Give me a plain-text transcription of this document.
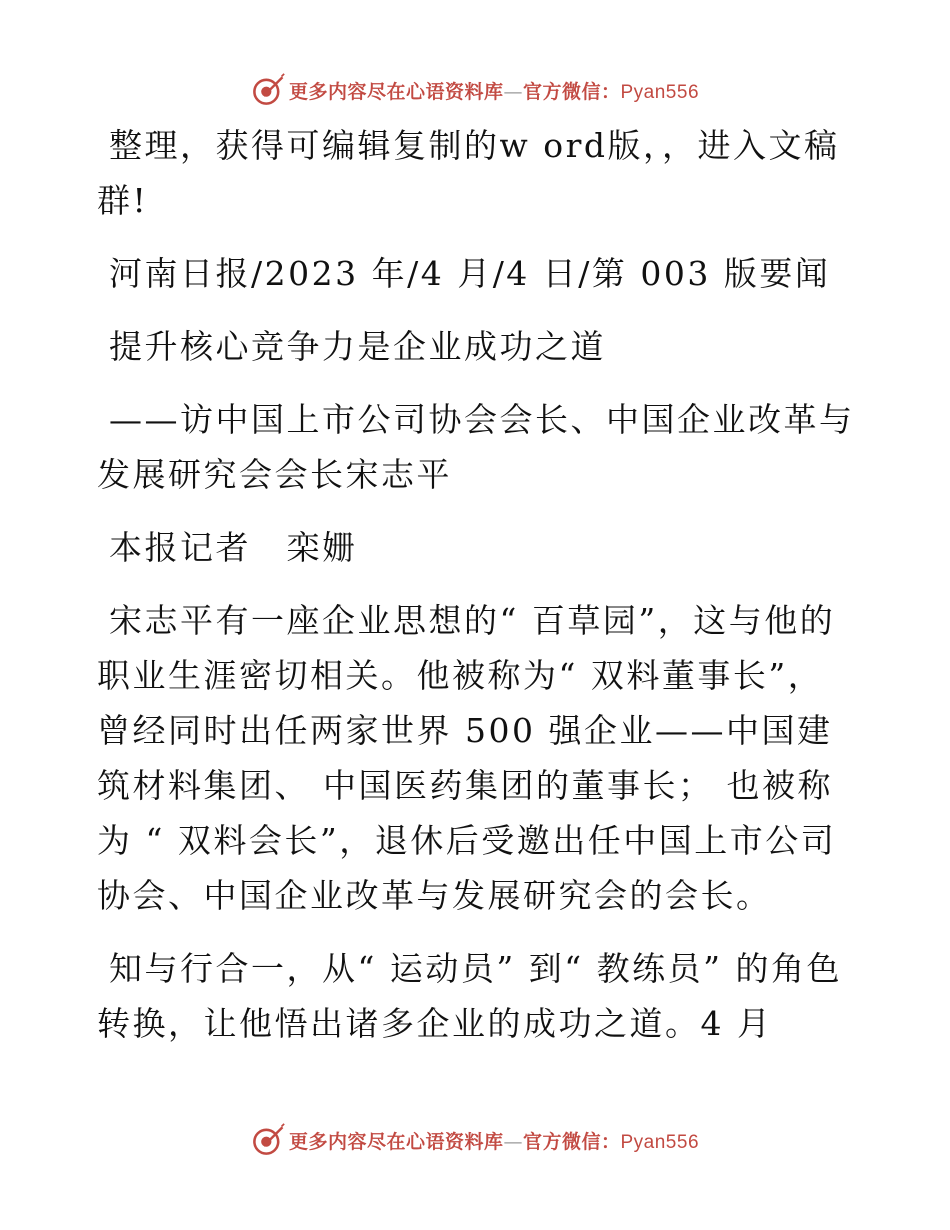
更多内容尽在心语资料库—官方微信：Pyan556

整理，获得可编辑复制的w ord版，，进入文稿群!

河南日报/2023 年/4 月/4 日/第 003 版要闻

提升核心竞争力是企业成功之道

——访中国上市公司协会会长、中国企业改革与发展研究会会长宋志平

本报记者　栾姗

宋志平有一座企业思想的“ 百草园”，这与他的职业生涯密切相关。他被称为“ 双料董事长”，曾经同时出任两家世界 500 强企业——中国建筑材料集团、 中国医药集团的董事长； 也被称为 “ 双料会长”，退休后受邀出任中国上市公司协会、中国企业改革与发展研究会的会长。

知与行合一，从“ 运动员” 到“ 教练员” 的角色转换，让他悟出诸多企业的成功之道。4 月

更多内容尽在心语资料库—官方微信：Pyan556
